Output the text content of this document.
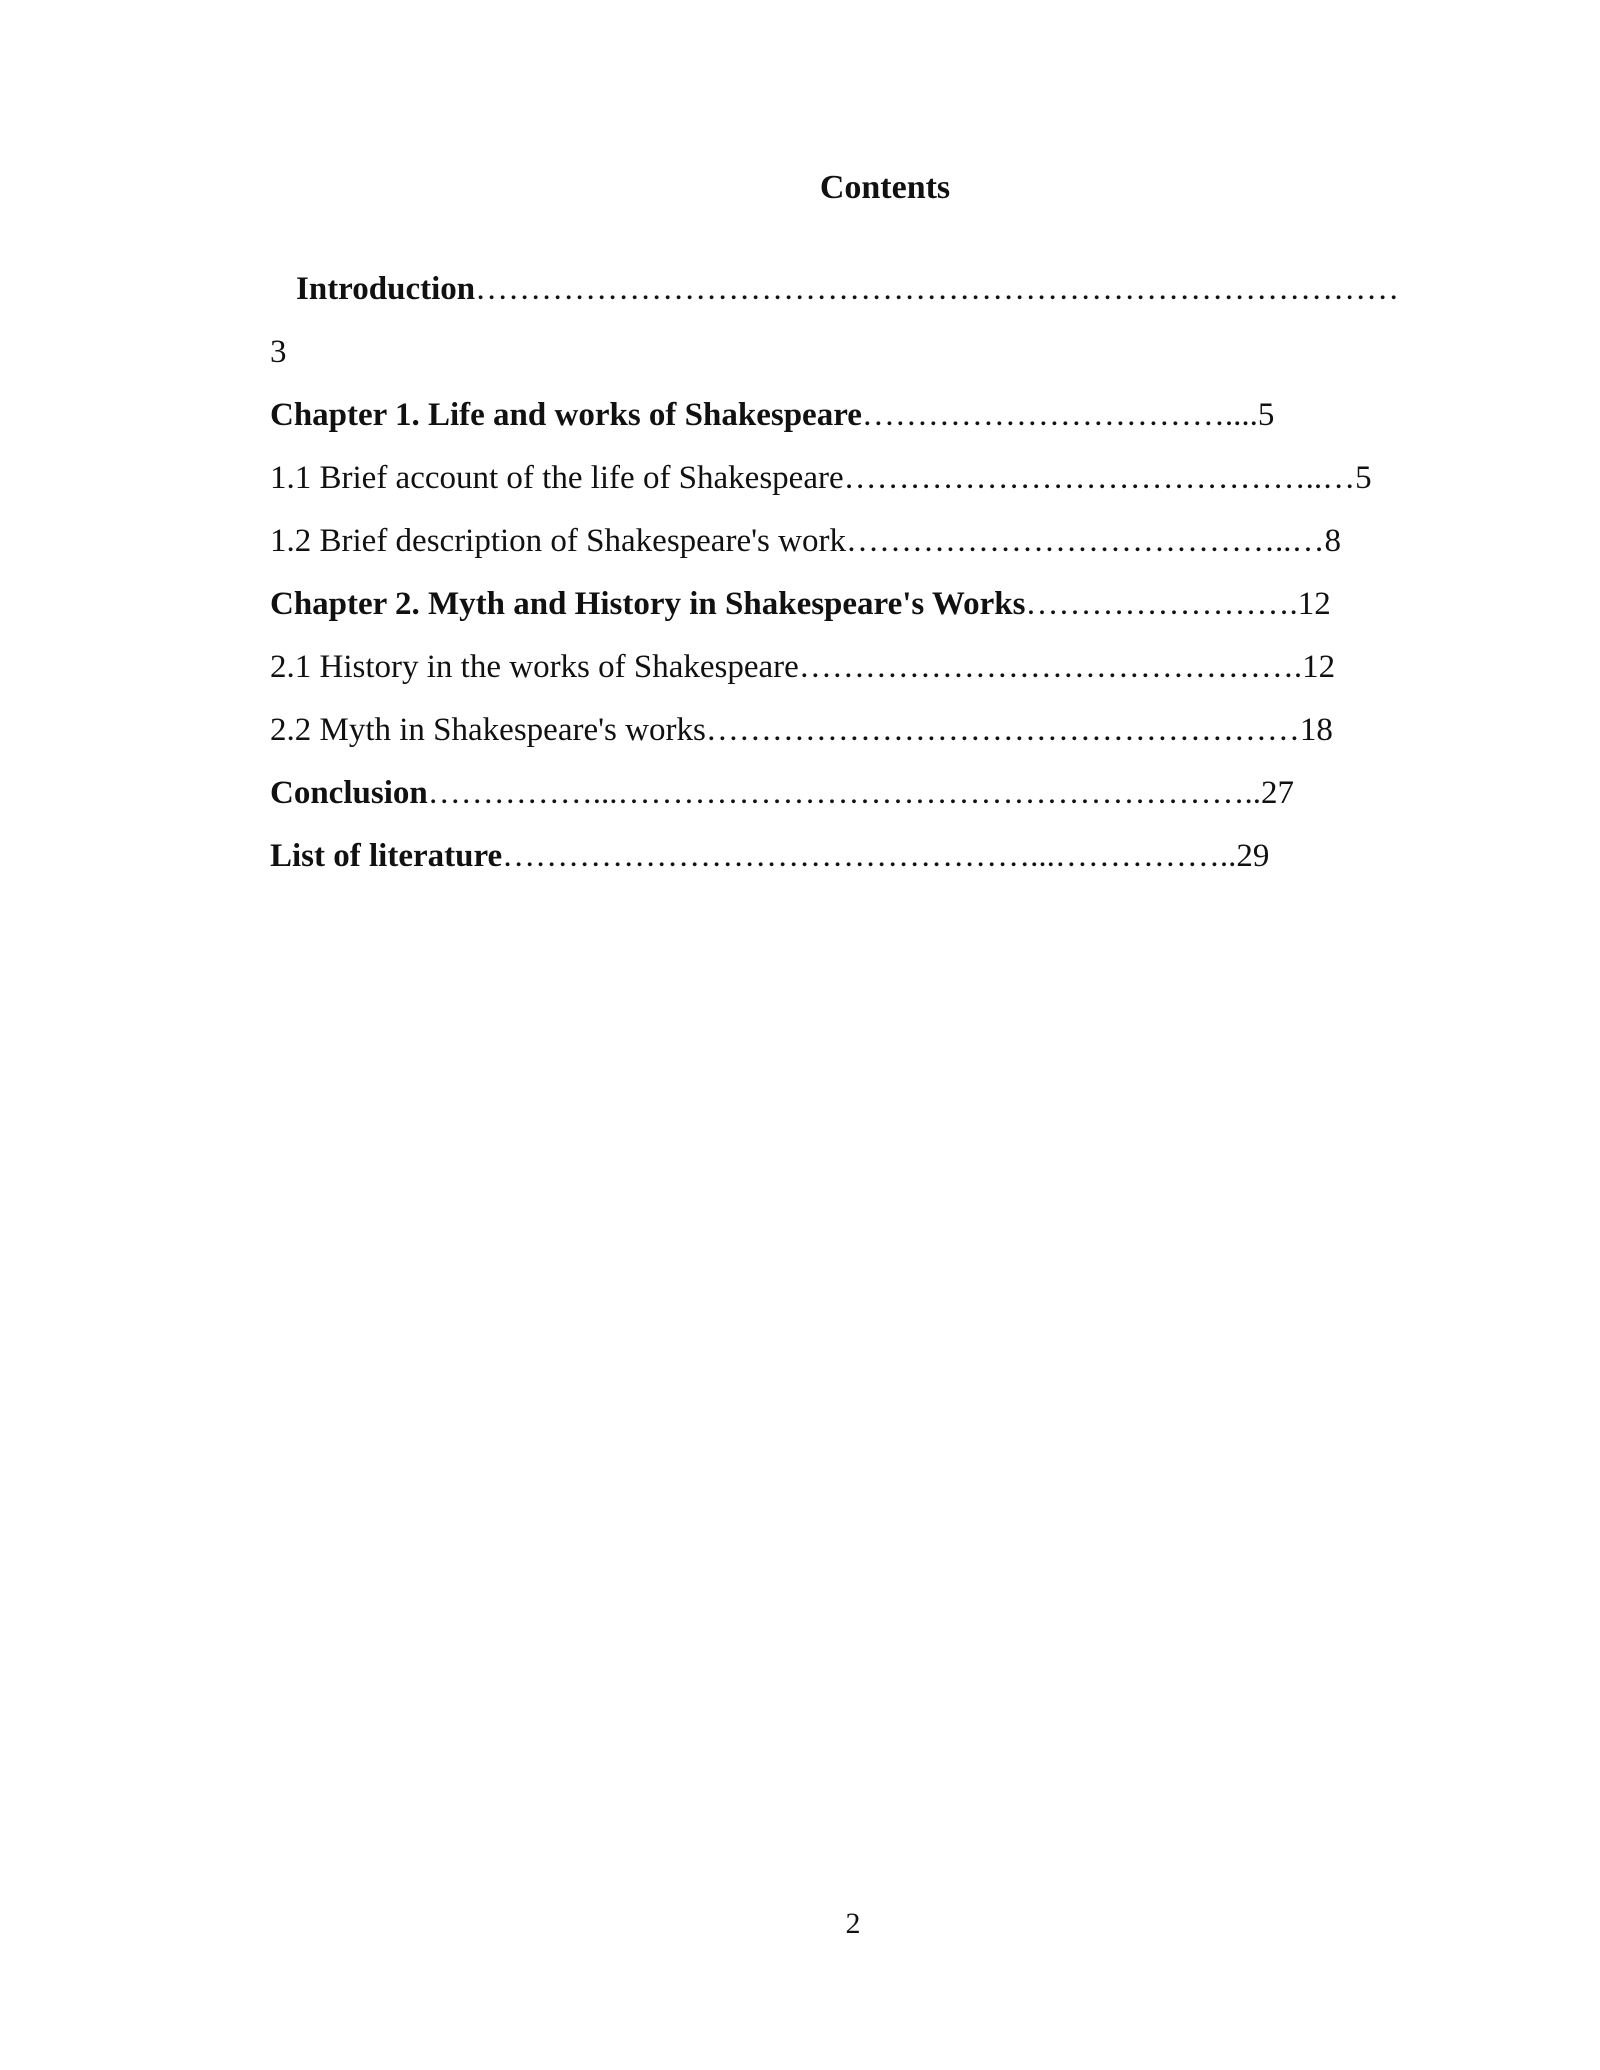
Contents
Introduction…………………………………………………………………………
3
Chapter 1. Life and works of Shakespeare……………………………....5
1.1 Brief account of the life of Shakespeare……………………………………..…5
1.2 Brief description of Shakespeare's work…………………………………..…8
Chapter 2. Myth and History in Shakespeare's Works…………………….12
2.1 History in the works of Shakespeare……………………………………….12
2.2 Myth in Shakespeare's works………………………………………………18
Conclusion……………...…………………………………………………..27
List of literature…………………………………………...……………..29
2
